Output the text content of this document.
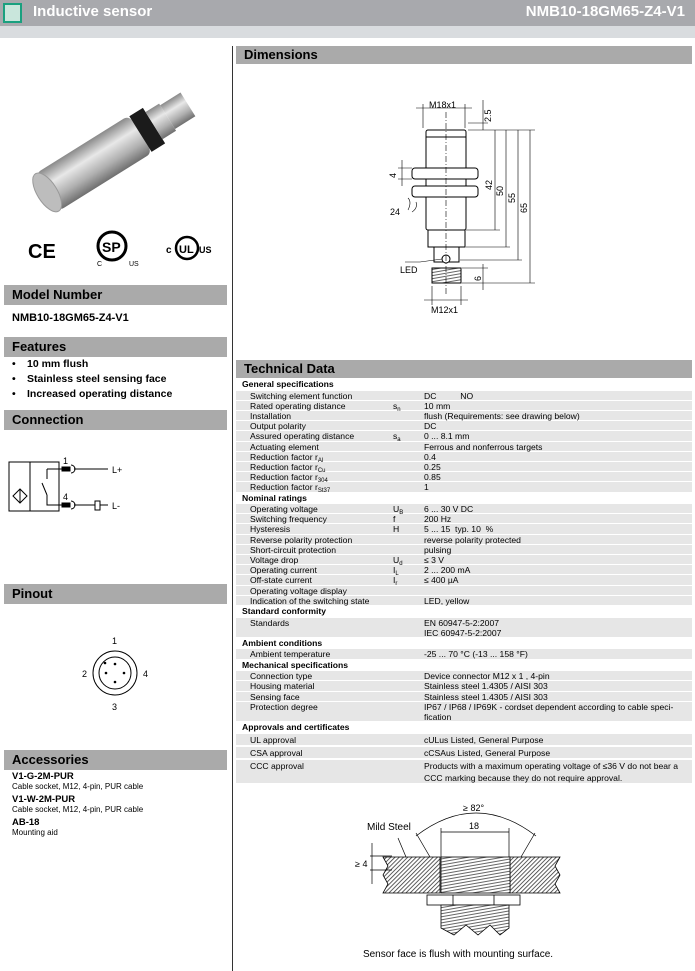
Inductive sensor	NMB10-18GM65-Z4-V1
Model Number
NMB10-18GM65-Z4-V1
Features
• 10 mm flush
• Stainless steel sensing face
• Increased operating distance
Connection
Pinout
Accessories
V1-G-2M-PUR
Cable socket, M12, 4-pin, PUR cable
V1-W-2M-PUR
Cable socket, M12, 4-pin, PUR cable
AB-18
Mounting aid
Dimensions
Technical Data
General specifications
Switching element function	DC          NO
Rated operating distance	$s_n$	10 mm
Installation	flush (Requirements: see drawing below)
Output polarity	DC
Assured operating distance	$s_a$	0 ... 8.1 mm
Actuating element	Ferrous and nonferrous targets
Reduction factor $r_{Al}$	0.4
Reduction factor $r_{Cu}$	0.25
Reduction factor $r_{304}$	0.85
Reduction factor $r_{St37}$	1
Nominal ratings
Operating voltage	$U_B$	6 ... 30 V DC
Switching frequency	f	200 Hz
Hysteresis	H	5 ... 15  typ. 10  %
Reverse polarity protection	reverse polarity protected
Short-circuit protection	pulsing
Voltage drop	$U_d$	≤ 3 V
Operating current	$I_L$	2 ... 200 mA
Off-state current	$I_r$	≤ 400 µA
Operating voltage display
Indication of the switching state	LED, yellow
Standard conformity
Standards	EN 60947-5-2:2007
IEC 60947-5-2:2007
Ambient conditions
Ambient temperature	-25 ... 70 °C (-13 ... 158 °F)
Mechanical specifications
Connection type	Device connector M12 x 1 , 4-pin
Housing material	Stainless steel 1.4305 / AISI 303
Sensing face	Stainless steel 1.4305 / AISI 303
Protection degree	IP67 / IP68 / IP69K - cordset dependent according to cable speci-
fication
Approvals and certificates
UL approval	cULus Listed, General Purpose
CSA approval	cCSAus Listed, General Purpose
CCC approval	Products with a maximum operating voltage of ≤36 V do not bear a
CCC marking because they do not require approval.
CE	SP
C	US
UL
c	US
1
4
L+
L-
1
2
3
4
M18x1
2.5
4
42
50
55
65
24
LED
6
M12x1
Mild Steel
≥ 82°
18
≥ 4
Sensor face is flush with mounting surface.
